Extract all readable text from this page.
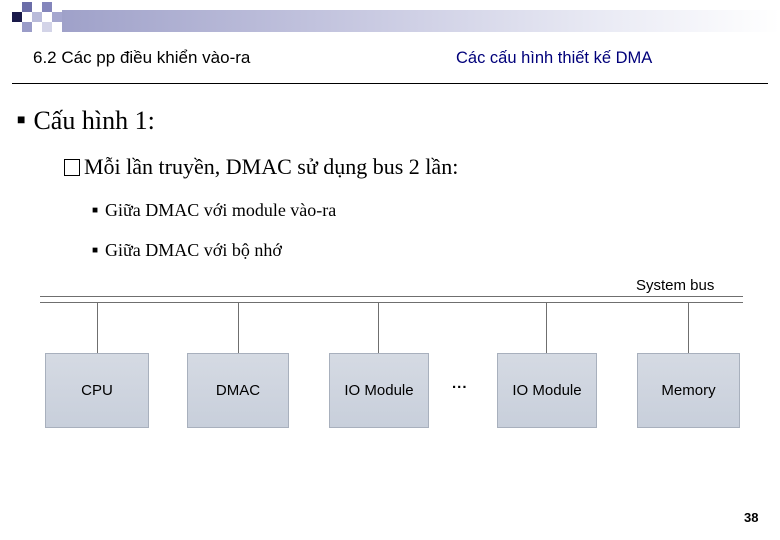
6.2 Các pp điều khiển vào-ra	Các cấu hình thiết kế DMA
■ Cấu hình 1:
Mỗi lần truyền, DMAC sử dụng bus 2 lần:
■ Giữa DMAC với module vào-ra
■ Giữa DMAC với bộ nhớ
System bus
CPU	DMAC	IO Module	...	IO Module	Memory
38
